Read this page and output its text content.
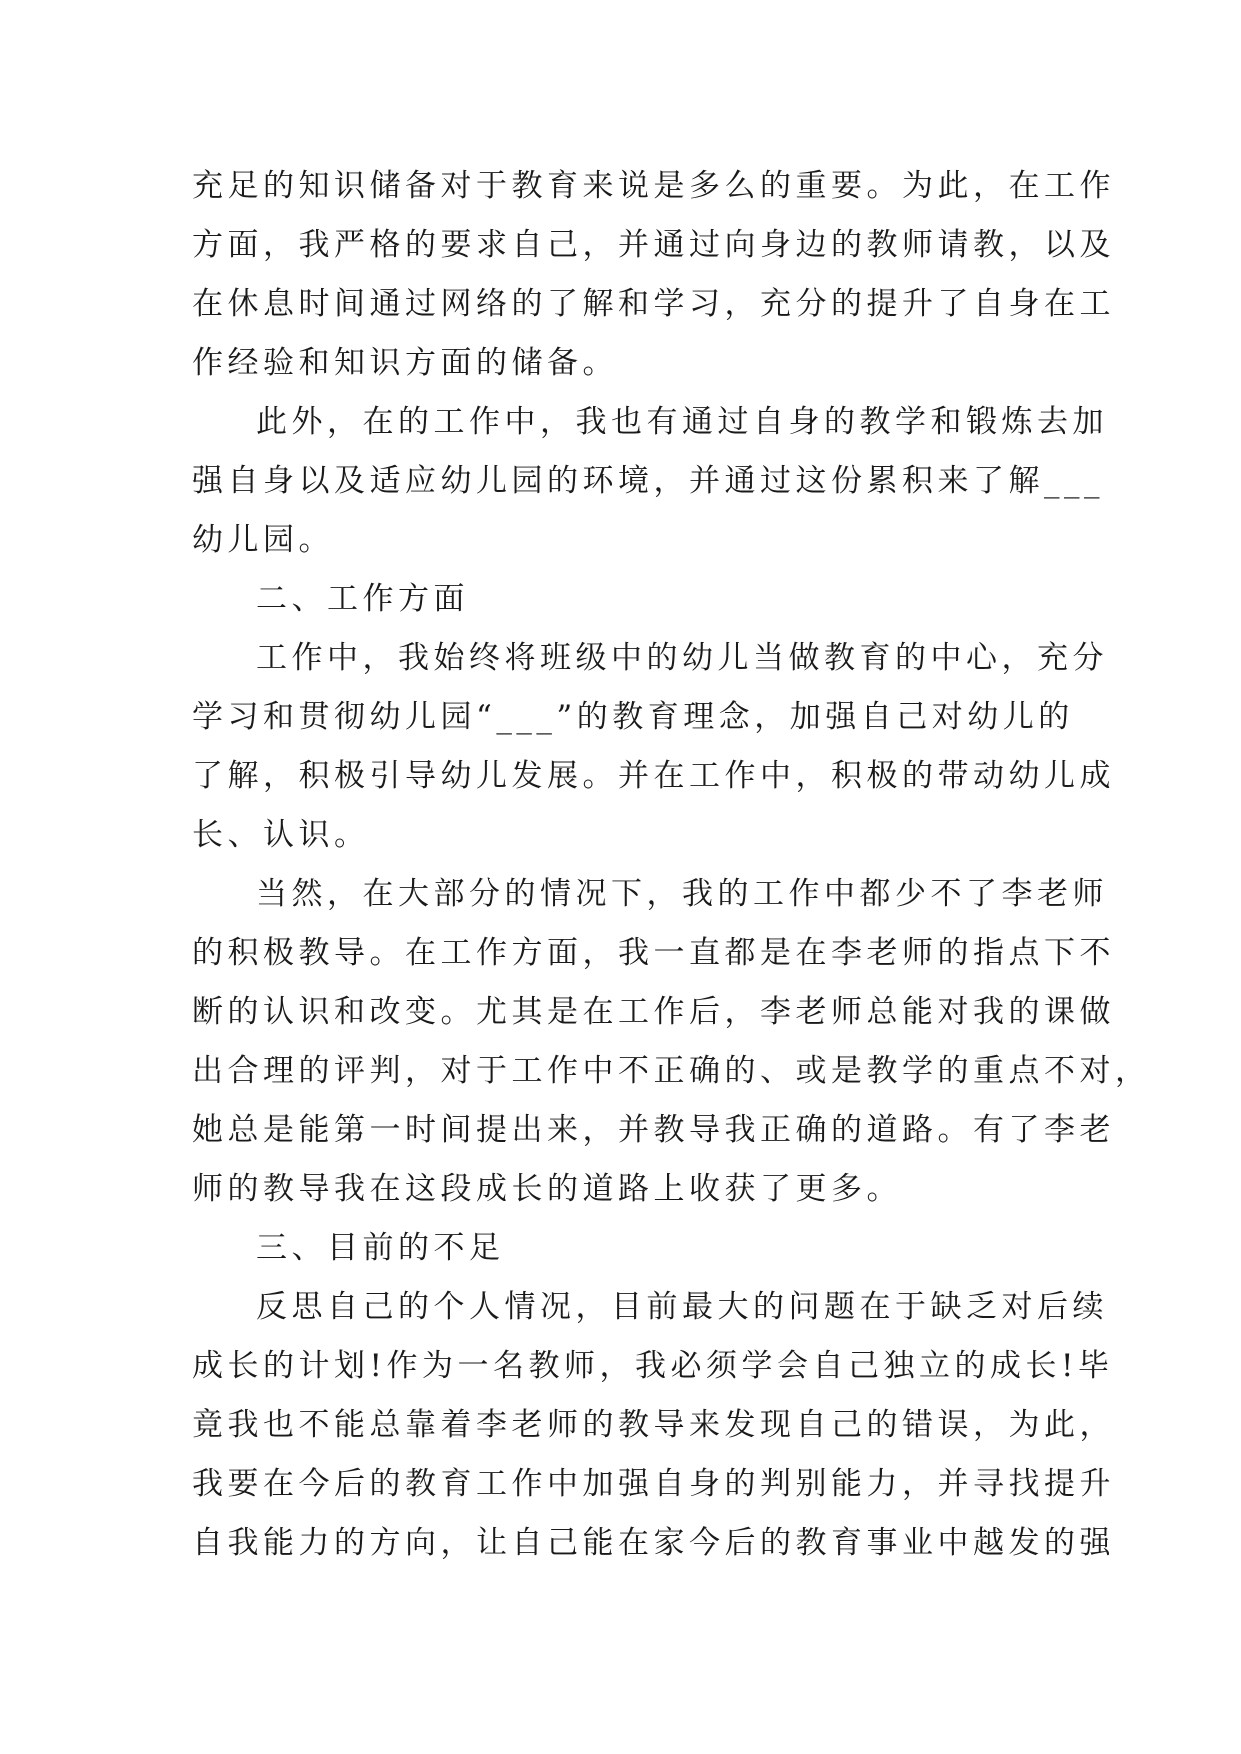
充足的知识储备对于教育来说是多么的重要。为此，在工作
方面，我严格的要求自己，并通过向身边的教师请教，以及
在休息时间通过网络的了解和学习，充分的提升了自身在工
作经验和知识方面的储备。
此外，在的工作中，我也有通过自身的教学和锻炼去加
强自身以及适应幼儿园的环境，并通过这份累积来了解___
幼儿园。
二、工作方面
工作中，我始终将班级中的幼儿当做教育的中心，充分
学习和贯彻幼儿园“___”的教育理念，加强自己对幼儿的
了解，积极引导幼儿发展。并在工作中，积极的带动幼儿成
长、认识。
当然，在大部分的情况下，我的工作中都少不了李老师
的积极教导。在工作方面，我一直都是在李老师的指点下不
断的认识和改变。尤其是在工作后，李老师总能对我的课做
出合理的评判，对于工作中不正确的、或是教学的重点不对，
她总是能第一时间提出来，并教导我正确的道路。有了李老
师的教导我在这段成长的道路上收获了更多。
三、目前的不足
反思自己的个人情况，目前最大的问题在于缺乏对后续
成长的计划!作为一名教师，我必须学会自己独立的成长!毕
竟我也不能总靠着李老师的教导来发现自己的错误，为此，
我要在今后的教育工作中加强自身的判别能力，并寻找提升
自我能力的方向，让自己能在家今后的教育事业中越发的强
